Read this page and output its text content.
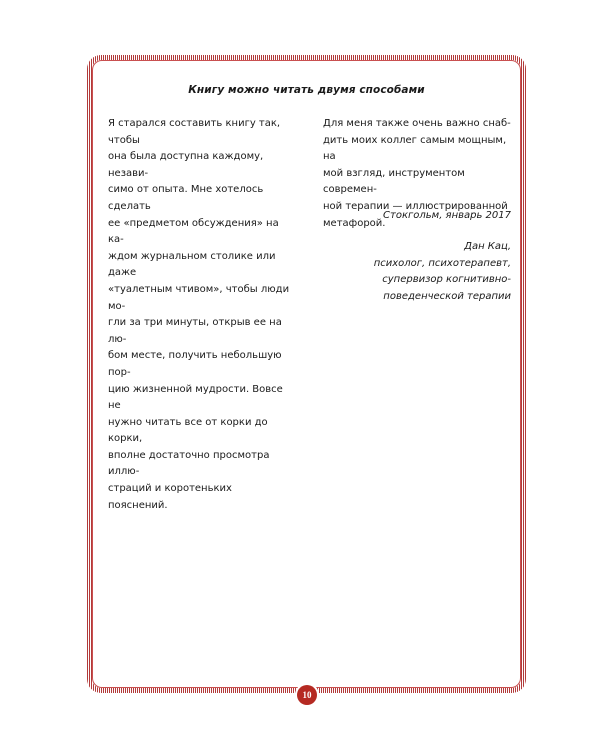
Книгу можно читать двумя способами

Я старался составить книгу так, чтобы
она была доступна каждому, незави-
симо от опыта. Мне хотелось сделать
ее «предметом обсуждения» на ка-
ждом журнальном столике или даже
«туалетным чтивом», чтобы люди мо-
гли за три минуты, открыв ее на лю-
бом месте, получить небольшую пор-
цию жизненной мудрости. Вовсе не
нужно читать все от корки до корки,
вполне достаточно просмотра иллю-
страций и коротеньких пояснений.

Для меня также очень важно снаб-
дить моих коллег самым мощным, на
мой взгляд, инструментом современ-
ной терапии — иллюстрированной
метафорой.

Стокгольм, январь 2017
Дан Кац,
психолог, психотерапевт,
супервизор когнитивно-
поведенческой терапии
10
